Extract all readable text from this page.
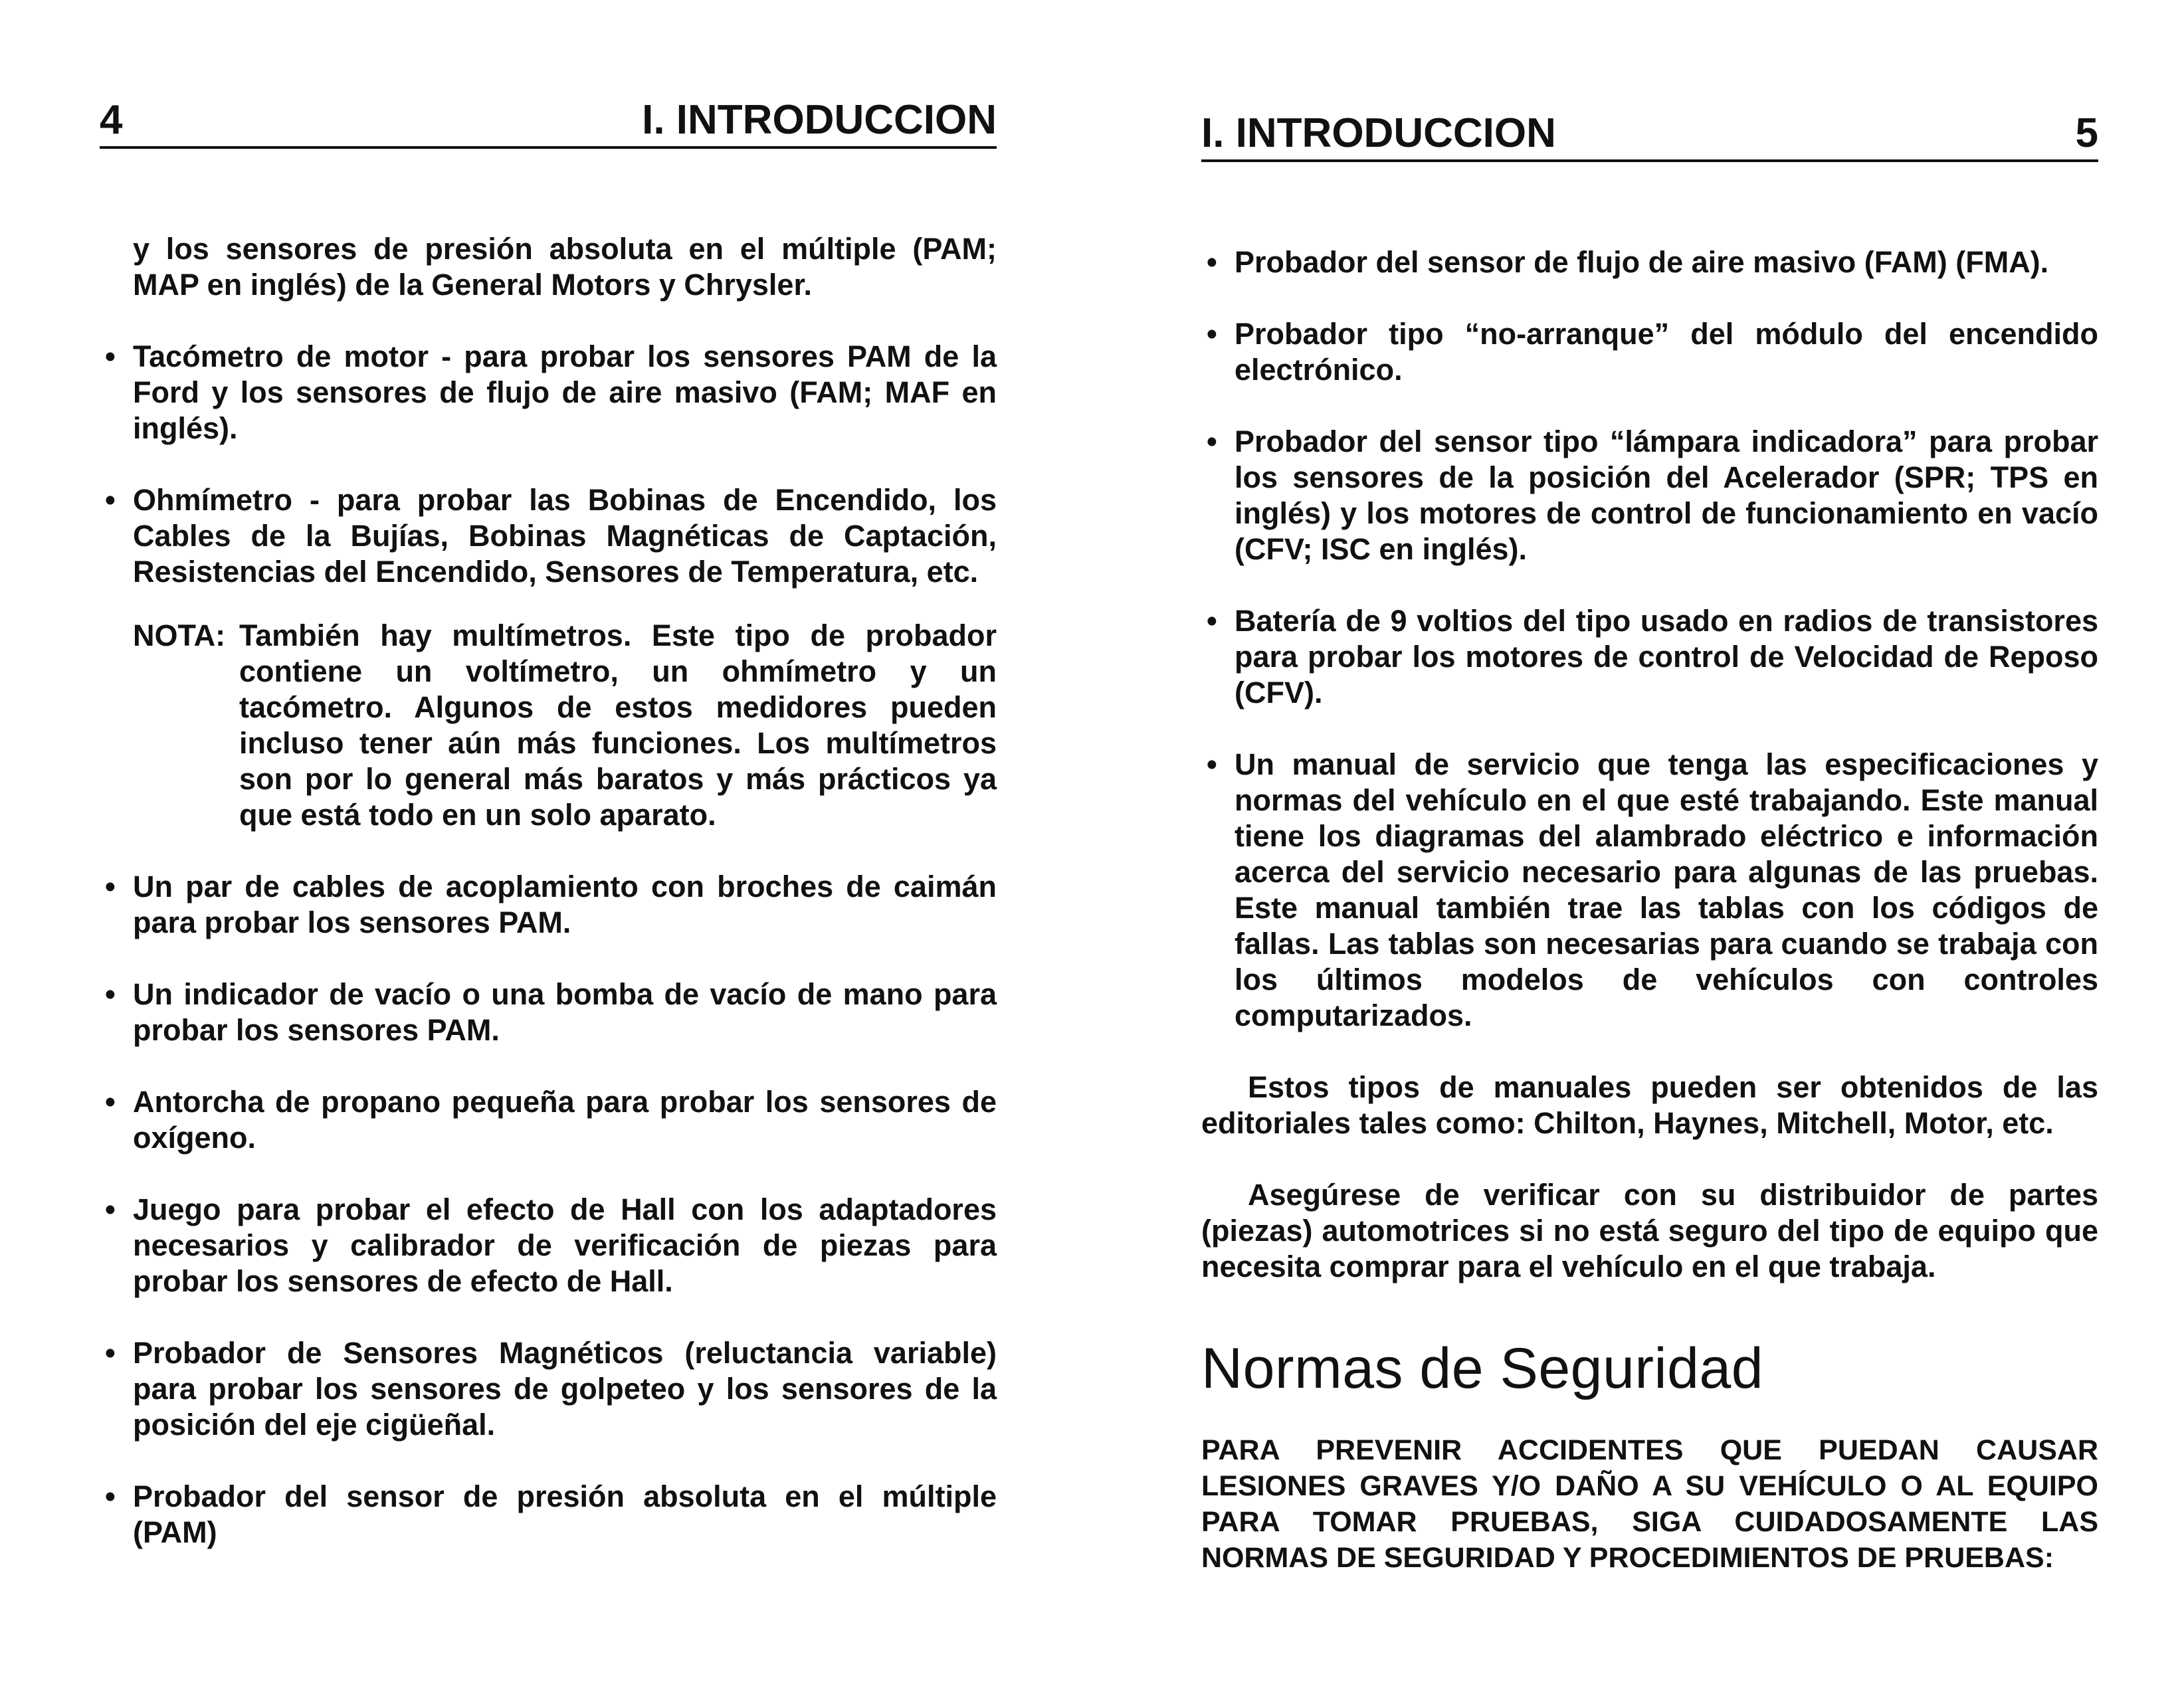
4	I. INTRODUCCION

y los sensores de presión absoluta en el múltiple (PAM; MAP en inglés) de la General Motors y Chrysler.

• Tacómetro de motor - para probar los sensores PAM de la Ford y los sensores de flujo de aire masivo (FAM; MAF en inglés).
• Ohmímetro - para probar las Bobinas de Encendido, los Cables de la Bujías, Bobinas Magnéticas de Captación, Resistencias del Encendido, Sensores de Temperatura, etc.
NOTA: También hay multímetros. Este tipo de probador contiene un voltímetro, un ohmímetro y un tacómetro. Algunos de estos medidores pueden incluso tener aún más funciones. Los multímetros son por lo general más baratos y más prácticos ya que está todo en un solo aparato.
• Un par de cables de acoplamiento con broches de caimán para probar los sensores PAM.
• Un indicador de vacío o una bomba de vacío de mano para probar los sensores PAM.
• Antorcha de propano pequeña para probar los sensores de oxígeno.
• Juego para probar el efecto de Hall con los adaptadores necesarios y calibrador de verificación de piezas para probar los sensores de efecto de Hall.
• Probador de Sensores Magnéticos (reluctancia variable) para probar los sensores de golpeteo y los sensores de la posición del eje cigüeñal.
• Probador del sensor de presión absoluta en el múltiple (PAM)
I. INTRODUCCION	5
• Probador del sensor de flujo de aire masivo (FAM) (FMA).
• Probador tipo “no-arranque” del módulo del encendido electrónico.
• Probador del sensor tipo “lámpara indicadora” para probar los sensores de la posición del Acelerador (SPR; TPS en inglés) y los motores de control de funcionamiento en vacío (CFV; ISC en inglés).
• Batería de 9 voltios del tipo usado en radios de transistores para probar los motores de control de Velocidad de Reposo (CFV).
• Un manual de servicio que tenga las especificaciones y normas del vehículo en el que esté trabajando. Este manual tiene los diagramas del alambrado eléctrico e información acerca del servicio necesario para algunas de las pruebas. Este manual también trae las tablas con los códigos de fallas. Las tablas son necesarias para cuando se trabaja con los últimos modelos de vehículos con controles computarizados.

Estos tipos de manuales pueden ser obtenidos de las editoriales tales como: Chilton, Haynes, Mitchell, Motor, etc.

Asegúrese de verificar con su distribuidor de partes (piezas) automotrices si no está seguro del tipo de equipo que necesita comprar para el vehículo en el que trabaja.

Normas de Seguridad

PARA PREVENIR ACCIDENTES QUE PUEDAN CAUSAR LESIONES GRAVES Y/O DAÑO A SU VEHÍCULO O AL EQUIPO PARA TOMAR PRUEBAS, SIGA CUIDADOSAMENTE LAS NORMAS DE SEGURIDAD Y PROCEDIMIENTOS DE PRUEBAS:
